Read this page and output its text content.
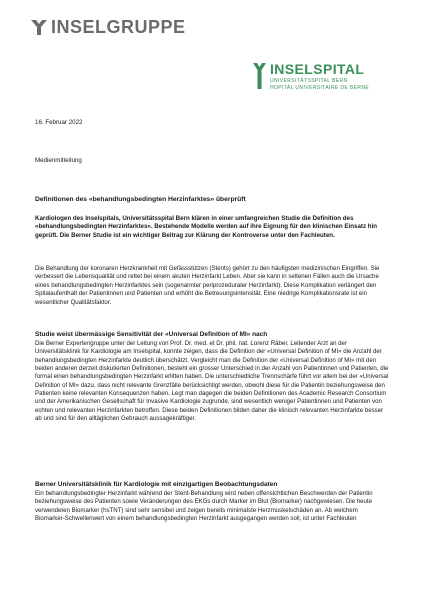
INSELGRUPPE
INSELSPITAL
UNIVERSITÄTSSPITAL BERN
HOPITAL UNIVERSITAIRE DE BERNE
16. Februar 2022
Medienmitteilung
Definitionen des «behandlungsbedingten Herzinfarktes» überprüft

Kardiologen des Inselspitals, Universitätsspital Bern klären in einer umfangreichen Studie die Definition des «behandlungsbedingten Herzinfarktes». Bestehende Modelle werden auf ihre Eignung für den klinischen Einsatz hin geprüft. Die Berner Studie ist ein wichtiger Beitrag zur Klärung der Kontroverse unter den Fachleuten.

Die Behandlung der koronaren Herzkrankheit mit Gefässstützen (Stents) gehört zu den häufigsten medizinischen Eingriffen. Sie verbessert die Lebensqualität und rettet bei einem akuten Herzinfarkt Leben. Aber sie kann in seltenen Fällen auch die Ursache eines behandlungsbedingten Herzinfarktes sein (sogenannter periprozeduraler Herzinfarkt). Diese Komplikation verlängert den Spitalaufenthalt der Patientinnen und Patienten und erhöht die Betreuungsintensität. Eine niedrige Komplikationsrate ist ein wesentlicher Qualitätsfaktor.

Studie weist übermässige Sensitivität der «Universal Definition of MI» nach

Die Berner Expertengruppe unter der Leitung von Prof. Dr. med. et Dr. phil. nat. Lorenz Räber, Leitender Arzt an der Universitätsklinik für Kardiologie am Inselspital, konnte zeigen, dass die Definition der «Universal Definition of MI» die Anzahl der behandlungsbedingten Herzinfarkte deutlich überschätzt. Vergleicht man die Definition der «Universal Definition of MI» mit den beiden anderen derzeit diskutierten Definitionen, besteht ein grosser Unterschied in der Anzahl von Patientinnen und Patienten, die formal einen behandlungsbedingten Herzinfarkt erlitten haben. Die unterschiedliche Trennschärfe führt vor allem bei der «Universal Definition of MI» dazu, dass nicht relevante Grenzfälle berücksichtigt werden, obwohl diese für die Patientin beziehungsweise den Patienten keine relevanten Konsequenzen haben. Legt man dagegen die beiden Definitionen des Academic Research Consortium und der Amerikanischen Gesellschaft für Invasive Kardiologie zugrunde, sind wesentlich weniger Patientinnen und Patienten von echten und relevanten Herzinfarkten betroffen. Diese beiden Definitionen bilden daher die klinisch relevanten Herzinfarkte besser ab und sind für den alltäglichen Gebrauch aussagekräftiger.

Berner Universitätsklinik für Kardiologie mit einzigartigen Beobachtungsdaten

Ein behandlungsbedingter Herzinfarkt während der Stent-Behandlung wird neben offensichtlichen Beschwerden der Patientin beziehungsweise des Patienten sowie Veränderungen des EKGs durch Marker im Blut (Biomarker) nachgewiesen. Die heute verwendeten Biomarker (hsTNT) sind sehr sensibel und zeigen bereits minimalste Herzmuskelschäden an. Ab welchem Biomarker-Schwellenwert von einem behandlungsbedingten Herzinfarkt ausgegangen werden soll, ist unter Fachleuten
